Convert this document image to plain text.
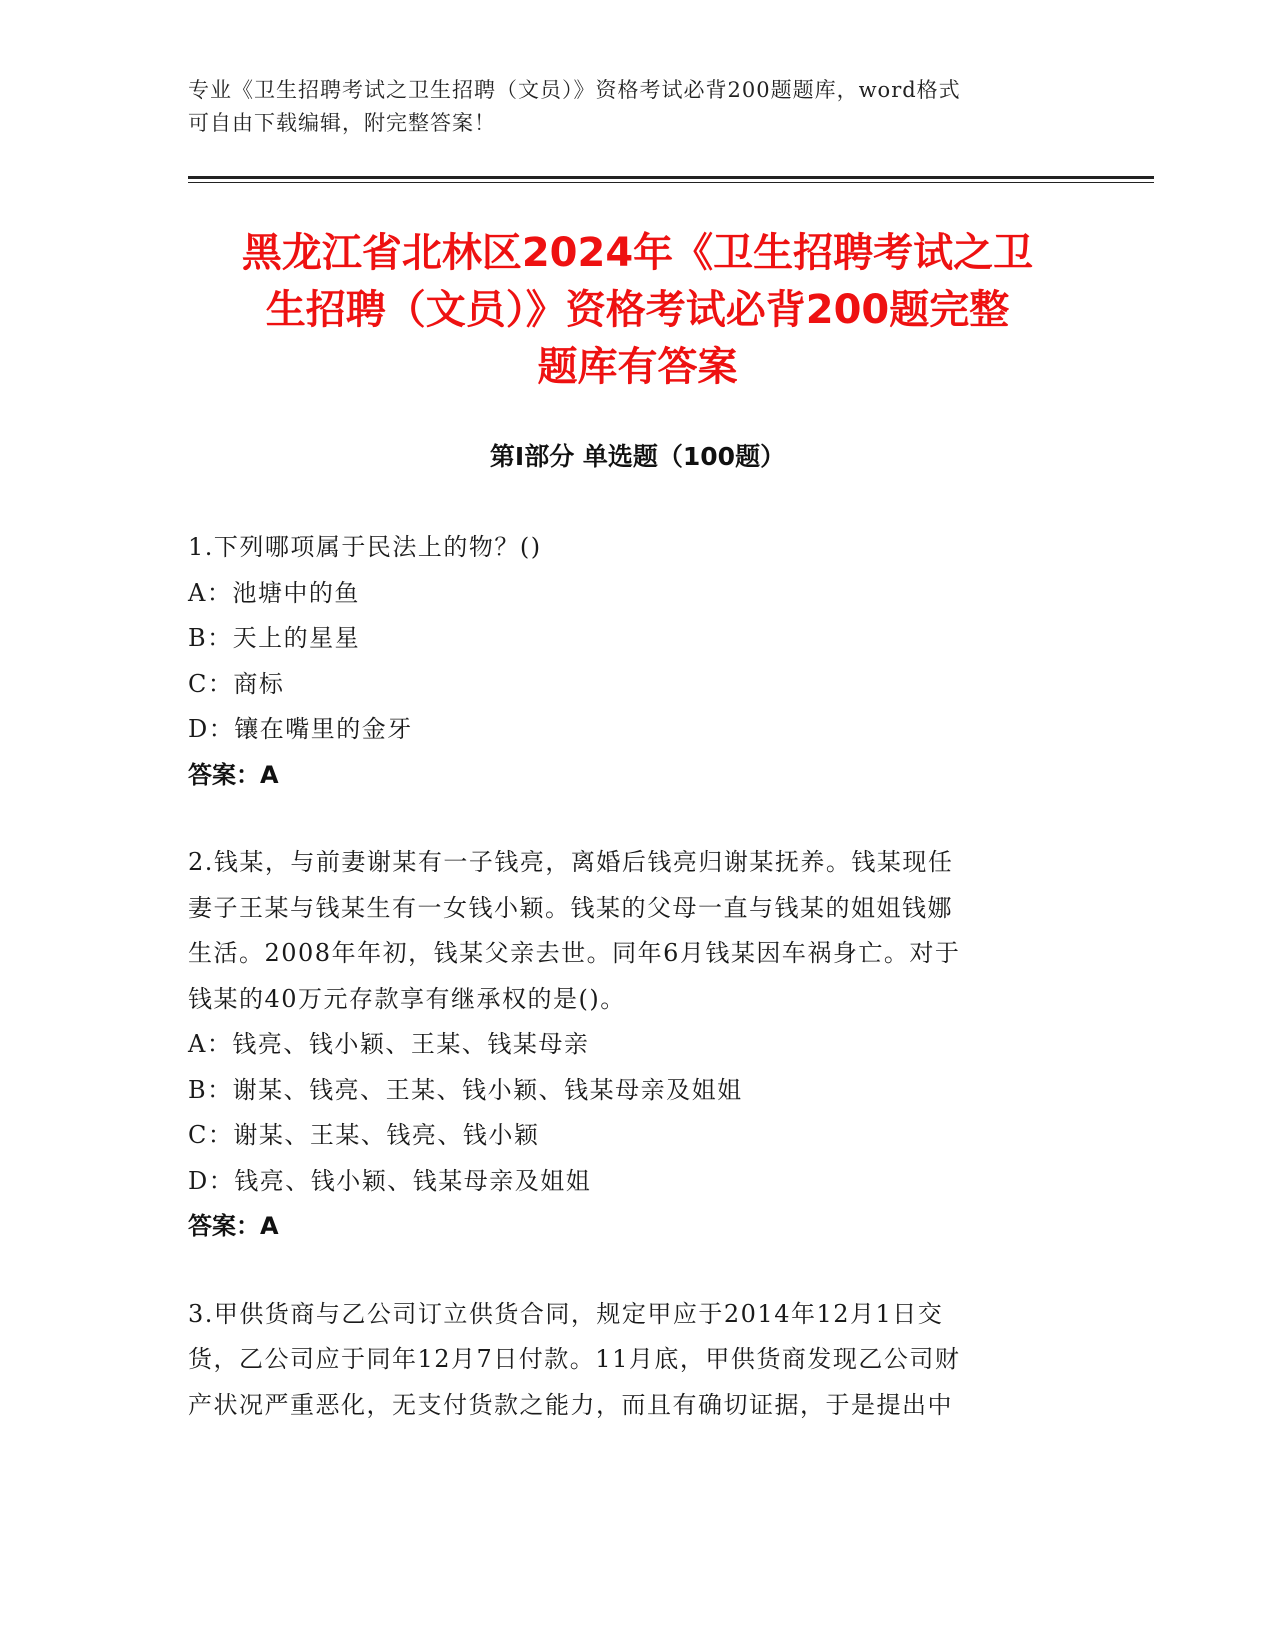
专业《卫生招聘考试之卫生招聘（文员）》资格考试必背200题题库，word格式
可自由下载编辑，附完整答案！
黑龙江省北林区2024年《卫生招聘考试之卫
生招聘（文员）》资格考试必背200题完整
题库有答案
第Ⅰ部分 单选题（100题）
1.下列哪项属于民法上的物？()
A：池塘中的鱼
B：天上的星星
C：商标
D：镶在嘴里的金牙
答案：A
2.钱某，与前妻谢某有一子钱亮，离婚后钱亮归谢某抚养。钱某现任
妻子王某与钱某生有一女钱小颖。钱某的父母一直与钱某的姐姐钱娜
生活。2008年年初，钱某父亲去世。同年6月钱某因车祸身亡。对于
钱某的40万元存款享有继承权的是()。
A：钱亮、钱小颖、王某、钱某母亲
B：谢某、钱亮、王某、钱小颖、钱某母亲及姐姐
C：谢某、王某、钱亮、钱小颖
D：钱亮、钱小颖、钱某母亲及姐姐
答案：A
3.甲供货商与乙公司订立供货合同，规定甲应于2014年12月1日交
货，乙公司应于同年12月7日付款。11月底，甲供货商发现乙公司财
产状况严重恶化，无支付货款之能力，而且有确切证据，于是提出中
